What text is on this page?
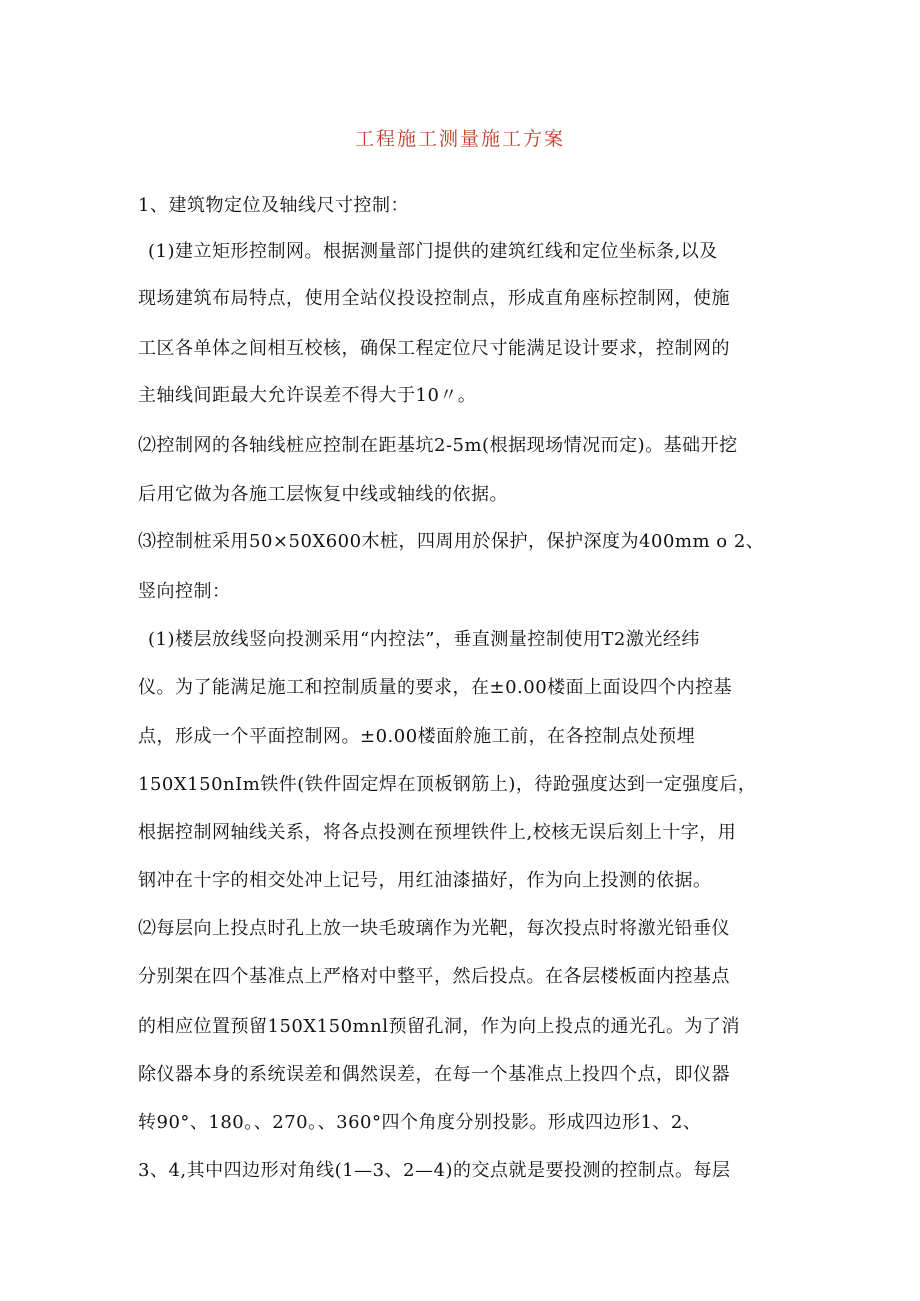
工程施工测量施工方案
1、建筑物定位及轴线尺寸控制：
(1)建立矩形控制网。根据测量部门提供的建筑红线和定位坐标条,以及
现场建筑布局特点，使用全站仪投设控制点，形成直角座标控制网，使施
工区各单体之间相互校核，确保工程定位尺寸能满足设计要求，控制网的
主轴线间距最大允许误差不得大于10〃。
⑵控制网的各轴线桩应控制在距基坑2-5m(根据现场情况而定)。基础开挖
后用它做为各施工层恢复中线或轴线的依据。
⑶控制桩采用50×50X600木桩，四周用於保护，保护深度为400mm o 2、
竖向控制：
(1)楼层放线竖向投测采用“内控法”，垂直测量控制使用T2激光经纬
仪。为了能满足施工和控制质量的要求，在±0.00楼面上面设四个内控基
点，形成一个平面控制网。±0.00楼面舲施工前，在各控制点处预埋
150X150nIm铁件(铁件固定焊在顶板钢筋上)，待跄强度达到一定强度后，
根据控制网轴线关系，将各点投测在预埋铁件上,校核无误后刻上十字，用
钢冲在十字的相交处冲上记号，用红油漆描好，作为向上投测的依据。
⑵每层向上投点时孔上放一块毛玻璃作为光靶，每次投点时将激光铅垂仪
分别架在四个基准点上严格对中整平，然后投点。在各层楼板面内控基点
的相应位置预留150X150mnl预留孔洞，作为向上投点的通光孔。为了消
除仪器本身的系统误差和偶然误差，在每一个基准点上投四个点，即仪器
转90°、180。、270。、360°四个角度分别投影。形成四边形1、2、
3、4,其中四边形对角线(1—3、2—4)的交点就是要投测的控制点。每层
